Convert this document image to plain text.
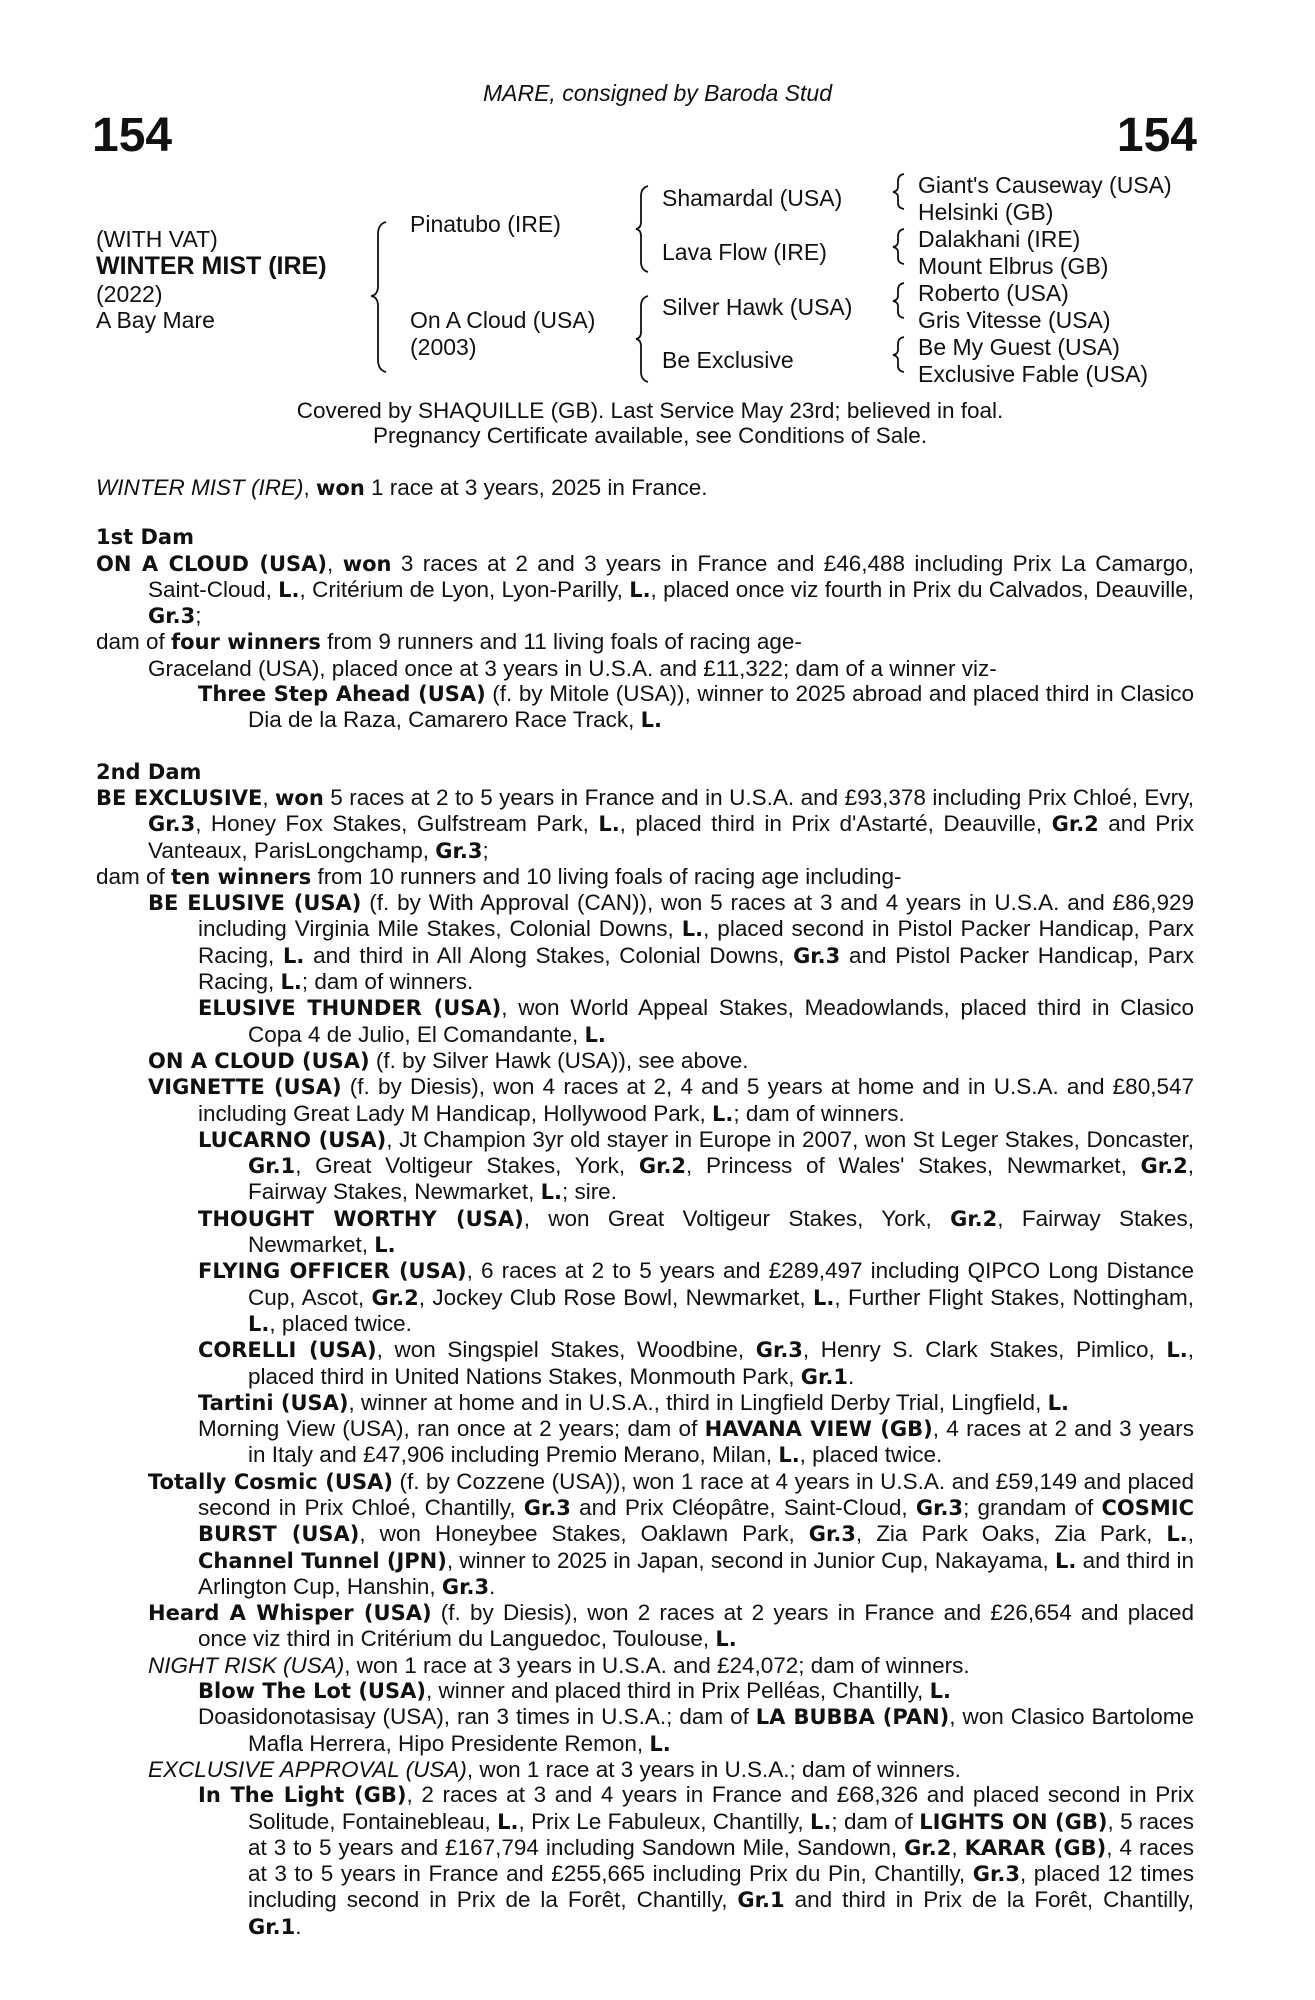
MARE, consigned by Baroda Stud
154	154
(WITH VAT)
WINTER MIST (IRE)
(2022)
A Bay Mare
Pinatubo (IRE)
On A Cloud (USA)
(2003)
Shamardal (USA)
Lava Flow (IRE)
Silver Hawk (USA)
Be Exclusive
Giant's Causeway (USA)
Helsinki (GB)
Dalakhani (IRE)
Mount Elbrus (GB)
Roberto (USA)
Gris Vitesse (USA)
Be My Guest (USA)
Exclusive Fable (USA)
Covered by SHAQUILLE (GB). Last Service May 23rd; believed in foal.
Pregnancy Certificate available, see Conditions of Sale.

WINTER MIST (IRE), won 1 race at 3 years, 2025 in France.

1st Dam

ON A CLOUD (USA), won 3 races at 2 and 3 years in France and £46,488 including Prix La Camargo, Saint-Cloud, L., Critérium de Lyon, Lyon-Parilly, L., placed once viz fourth in Prix du Calvados, Deauville, Gr.3;

dam of four winners from 9 runners and 11 living foals of racing age-

Graceland (USA), placed once at 3 years in U.S.A. and £11,322; dam of a winner viz-

Three Step Ahead (USA) (f. by Mitole (USA)), winner to 2025 abroad and placed third in Clasico Dia de la Raza, Camarero Race Track, L.

2nd Dam

BE EXCLUSIVE, won 5 races at 2 to 5 years in France and in U.S.A. and £93,378 including Prix Chloé, Evry, Gr.3, Honey Fox Stakes, Gulfstream Park, L., placed third in Prix d'Astarté, Deauville, Gr.2 and Prix Vanteaux, ParisLongchamp, Gr.3;

dam of ten winners from 10 runners and 10 living foals of racing age including-

BE ELUSIVE (USA) (f. by With Approval (CAN)), won 5 races at 3 and 4 years in U.S.A. and £86,929 including Virginia Mile Stakes, Colonial Downs, L., placed second in Pistol Packer Handicap, Parx Racing, L. and third in All Along Stakes, Colonial Downs, Gr.3 and Pistol Packer Handicap, Parx Racing, L.; dam of winners.

ELUSIVE THUNDER (USA), won World Appeal Stakes, Meadowlands, placed third in Clasico Copa 4 de Julio, El Comandante, L.

ON A CLOUD (USA) (f. by Silver Hawk (USA)), see above.

VIGNETTE (USA) (f. by Diesis), won 4 races at 2, 4 and 5 years at home and in U.S.A. and £80,547 including Great Lady M Handicap, Hollywood Park, L.; dam of winners.

LUCARNO (USA), Jt Champion 3yr old stayer in Europe in 2007, won St Leger Stakes, Doncaster, Gr.1, Great Voltigeur Stakes, York, Gr.2, Princess of Wales' Stakes, Newmarket, Gr.2, Fairway Stakes, Newmarket, L.; sire.

THOUGHT WORTHY (USA), won Great Voltigeur Stakes, York, Gr.2, Fairway Stakes, Newmarket, L.

FLYING OFFICER (USA), 6 races at 2 to 5 years and £289,497 including QIPCO Long Distance Cup, Ascot, Gr.2, Jockey Club Rose Bowl, Newmarket, L., Further Flight Stakes, Nottingham, L., placed twice.

CORELLI (USA), won Singspiel Stakes, Woodbine, Gr.3, Henry S. Clark Stakes, Pimlico, L., placed third in United Nations Stakes, Monmouth Park, Gr.1.

Tartini (USA), winner at home and in U.S.A., third in Lingfield Derby Trial, Lingfield, L.

Morning View (USA), ran once at 2 years; dam of HAVANA VIEW (GB), 4 races at 2 and 3 years in Italy and £47,906 including Premio Merano, Milan, L., placed twice.

Totally Cosmic (USA) (f. by Cozzene (USA)), won 1 race at 4 years in U.S.A. and £59,149 and placed second in Prix Chloé, Chantilly, Gr.3 and Prix Cléopâtre, Saint-Cloud, Gr.3; grandam of COSMIC BURST (USA), won Honeybee Stakes, Oaklawn Park, Gr.3, Zia Park Oaks, Zia Park, L., Channel Tunnel (JPN), winner to 2025 in Japan, second in Junior Cup, Nakayama, L. and third in Arlington Cup, Hanshin, Gr.3.

Heard A Whisper (USA) (f. by Diesis), won 2 races at 2 years in France and £26,654 and placed once viz third in Critérium du Languedoc, Toulouse, L.

NIGHT RISK (USA), won 1 race at 3 years in U.S.A. and £24,072; dam of winners.

Blow The Lot (USA), winner and placed third in Prix Pelléas, Chantilly, L.

Doasidonotasisay (USA), ran 3 times in U.S.A.; dam of LA BUBBA (PAN), won Clasico Bartolome Mafla Herrera, Hipo Presidente Remon, L.

EXCLUSIVE APPROVAL (USA), won 1 race at 3 years in U.S.A.; dam of winners.

In The Light (GB), 2 races at 3 and 4 years in France and £68,326 and placed second in Prix Solitude, Fontainebleau, L., Prix Le Fabuleux, Chantilly, L.; dam of LIGHTS ON (GB), 5 races at 3 to 5 years and £167,794 including Sandown Mile, Sandown, Gr.2, KARAR (GB), 4 races at 3 to 5 years in France and £255,665 including Prix du Pin, Chantilly, Gr.3, placed 12 times including second in Prix de la Forêt, Chantilly, Gr.1 and third in Prix de la Forêt, Chantilly, Gr.1.
